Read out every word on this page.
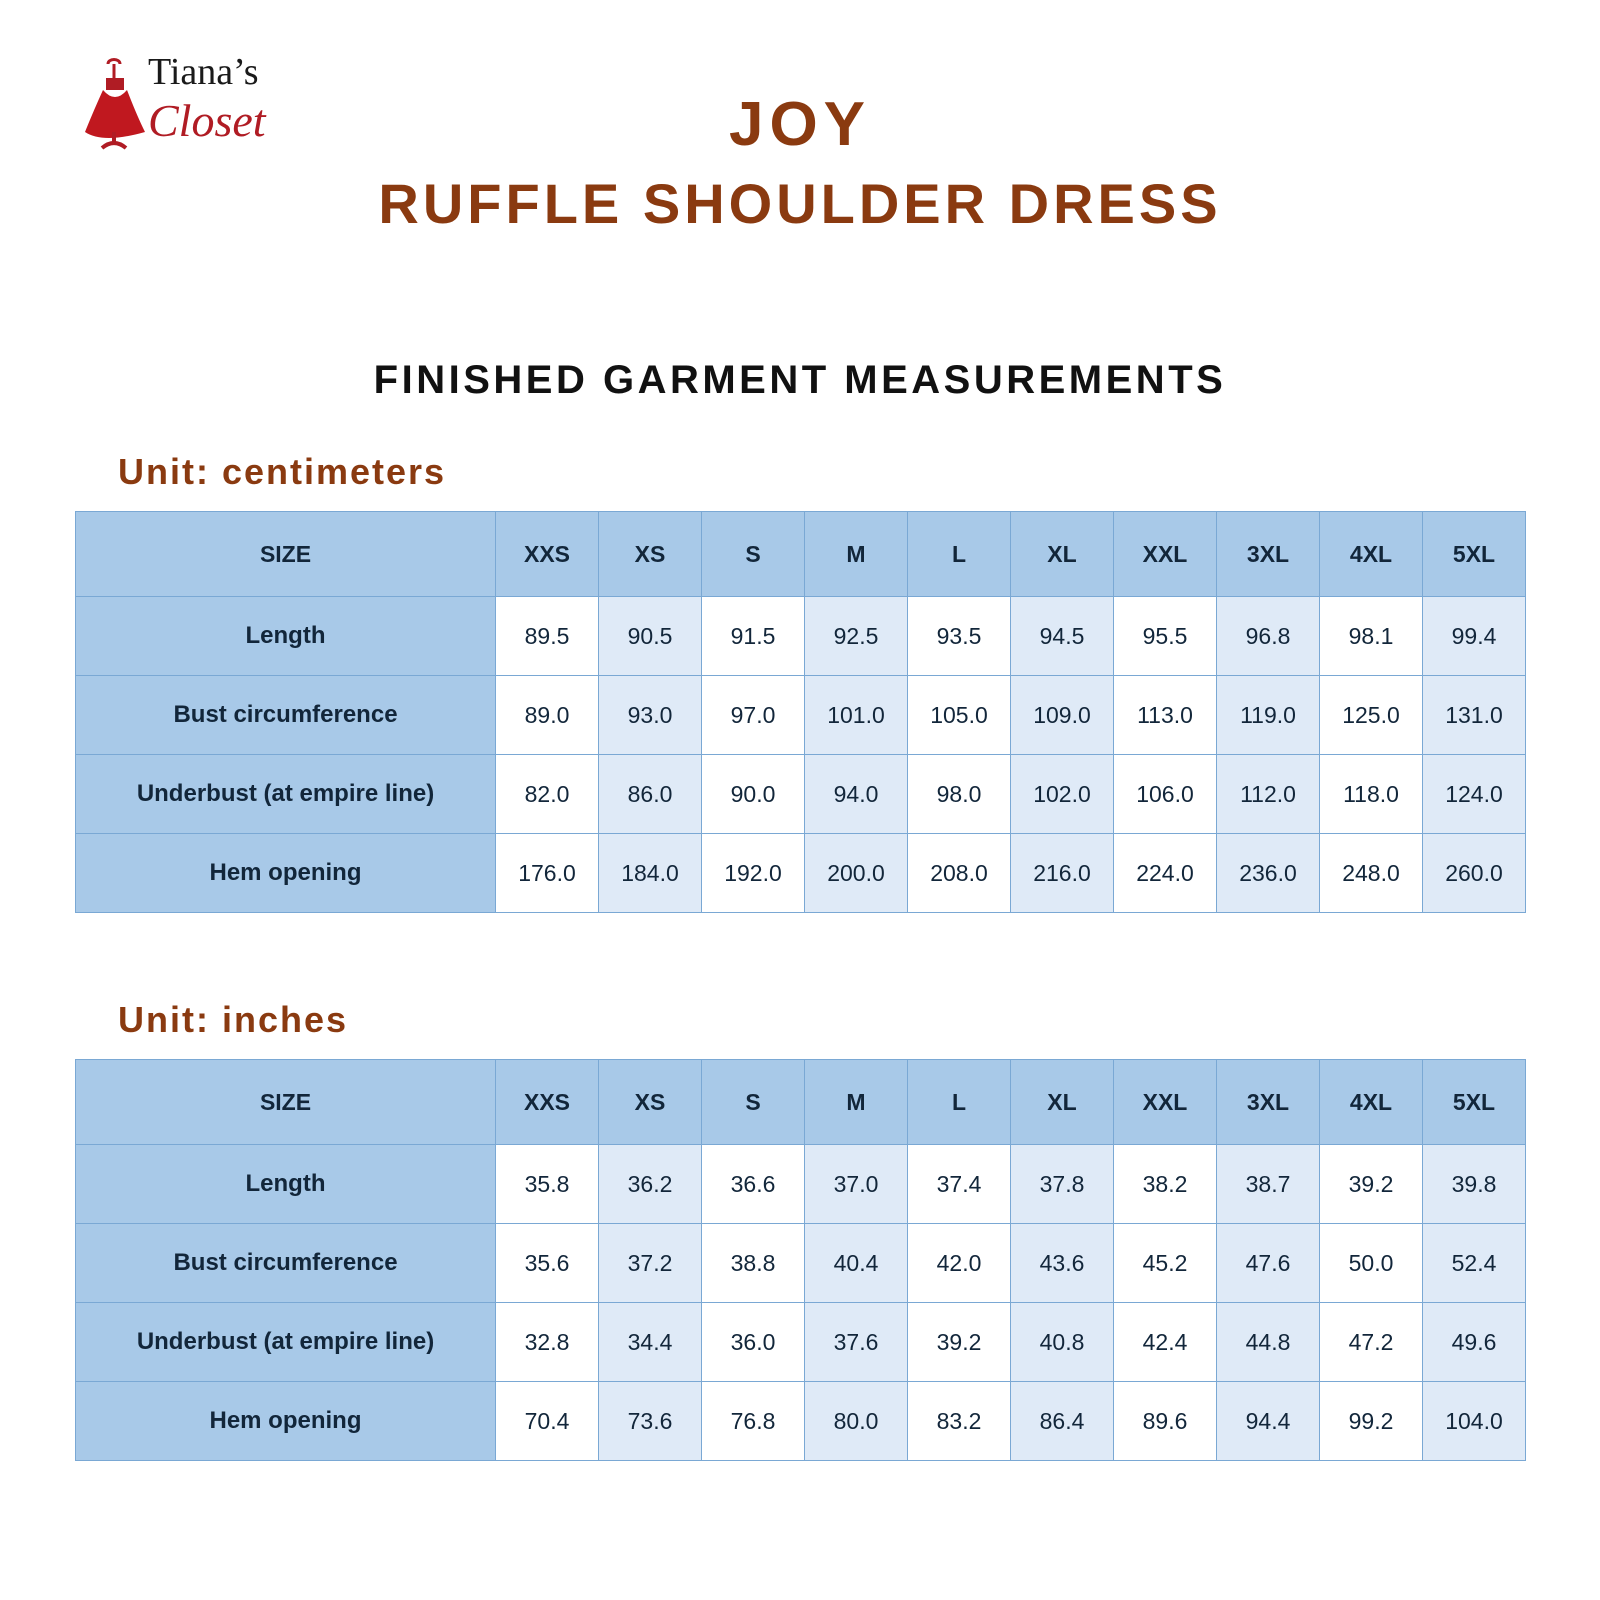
Tiana’s
Closet	JOY
RUFFLE SHOULDER DRESS
FINISHED GARMENT MEASUREMENTS
Unit: centimeters
SIZE	XXS	XS	S	M	L	XL	XXL	3XL	4XL	5XL
Length	89.5	90.5	91.5	92.5	93.5	94.5	95.5	96.8	98.1	99.4
Bust circumference	89.0	93.0	97.0	101.0	105.0	109.0	113.0	119.0	125.0	131.0
Underbust (at empire line)	82.0	86.0	90.0	94.0	98.0	102.0	106.0	112.0	118.0	124.0
Hem opening	176.0	184.0	192.0	200.0	208.0	216.0	224.0	236.0	248.0	260.0
Unit: inches
SIZE	XXS	XS	S	M	L	XL	XXL	3XL	4XL	5XL
Length	35.8	36.2	36.6	37.0	37.4	37.8	38.2	38.7	39.2	39.8
Bust circumference	35.6	37.2	38.8	40.4	42.0	43.6	45.2	47.6	50.0	52.4
Underbust (at empire line)	32.8	34.4	36.0	37.6	39.2	40.8	42.4	44.8	47.2	49.6
Hem opening	70.4	73.6	76.8	80.0	83.2	86.4	89.6	94.4	99.2	104.0
